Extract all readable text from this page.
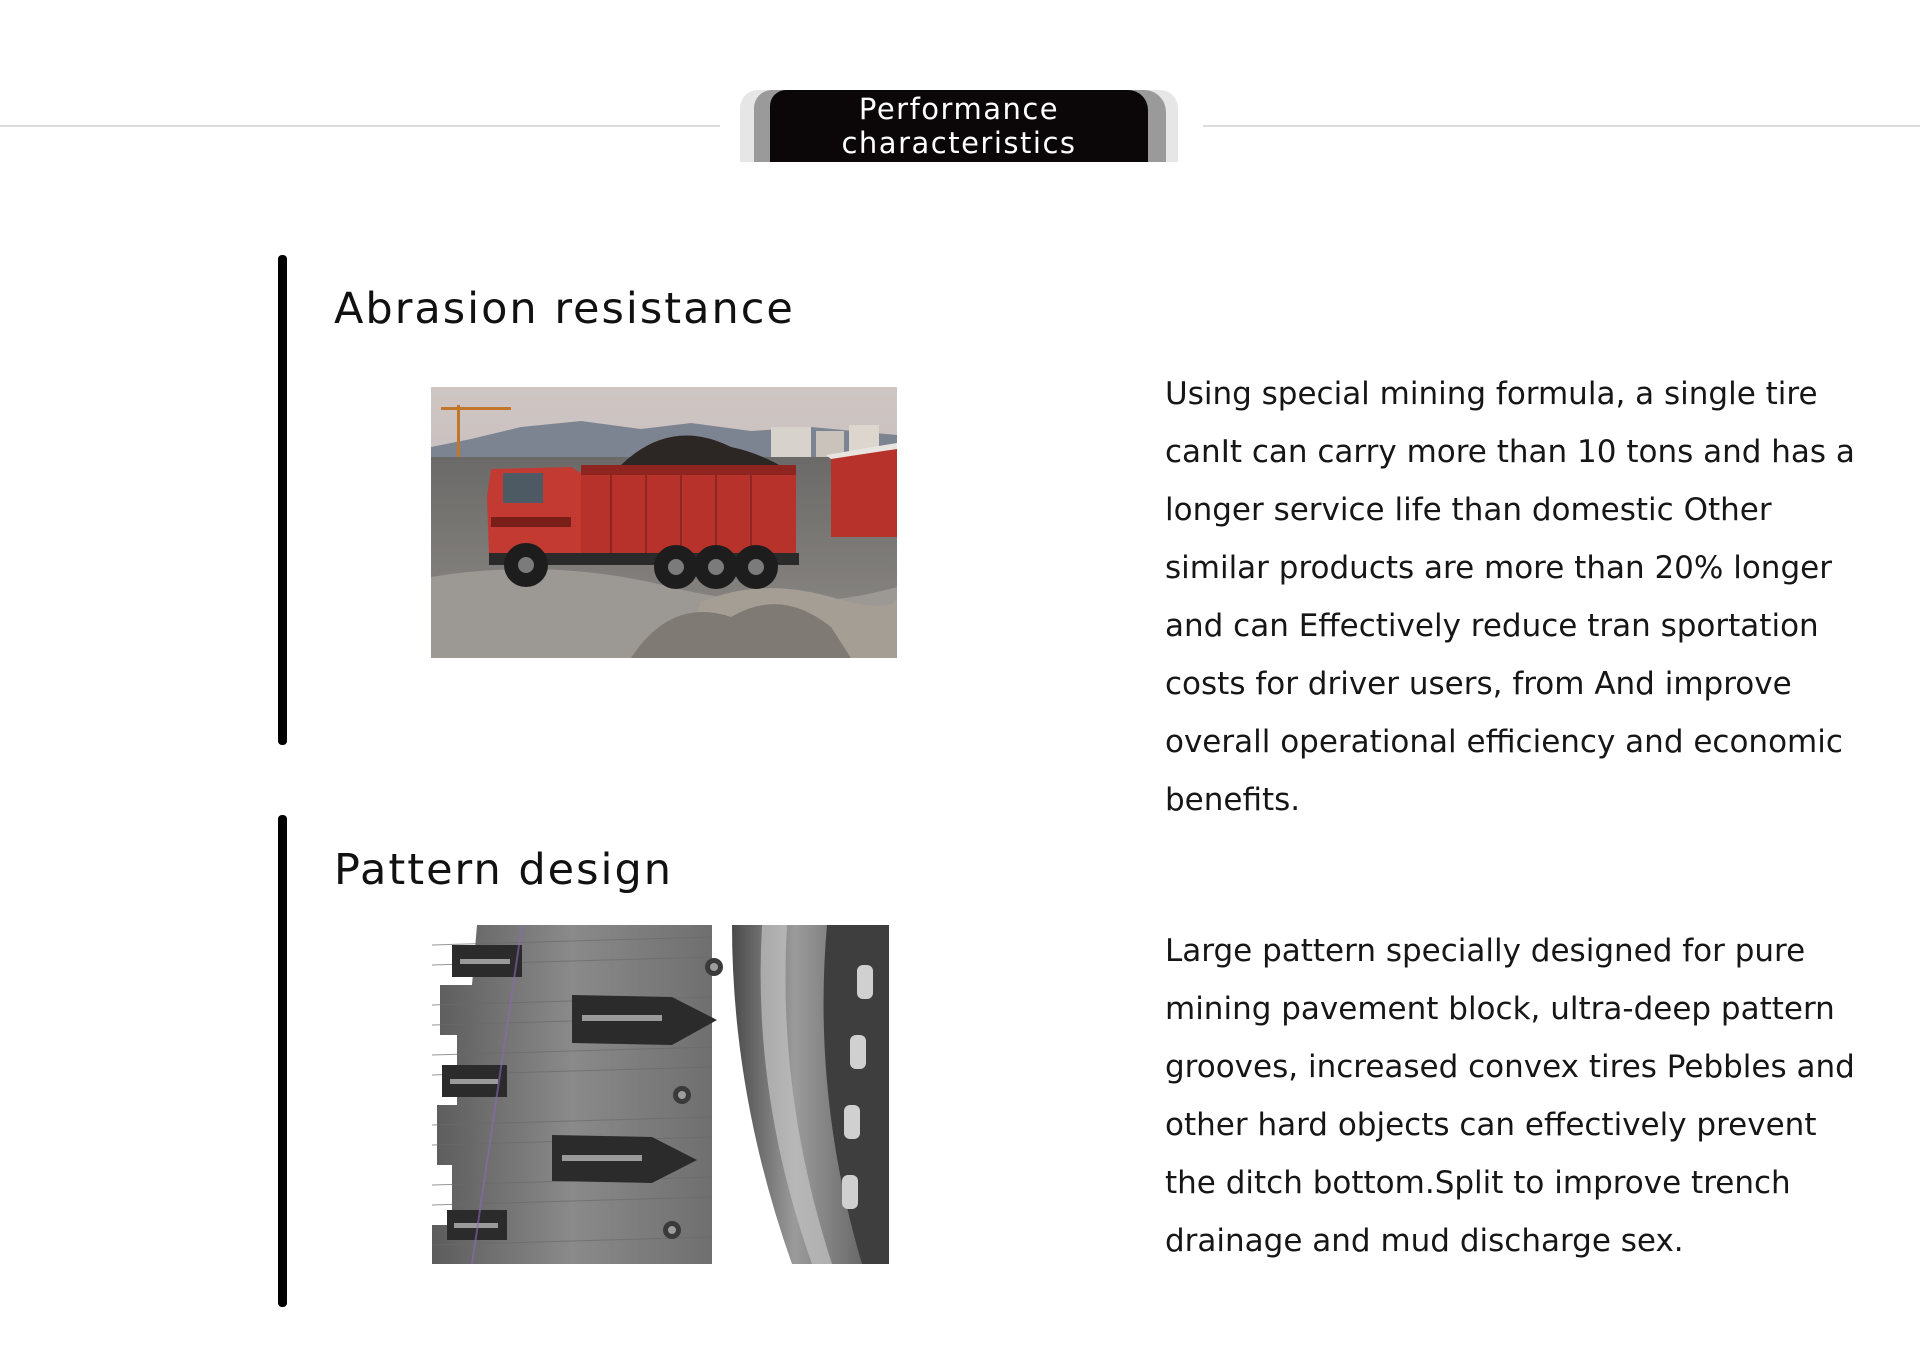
Performance characteristics
Abrasion resistance

Using special mining formula, a single tire canIt can carry more than 10 tons and has a longer service life than domestic Other similar products are more than 20% longer and can Effectively reduce tran sportation costs for driver users, from And improve overall operational efficiency and economic benefits.

Pattern design

Large pattern specially designed for pure mining pavement block, ultra-deep pattern grooves, increased convex tires Pebbles and other hard objects can effectively prevent the ditch bottom.Split to improve trench drainage and mud discharge sex.
